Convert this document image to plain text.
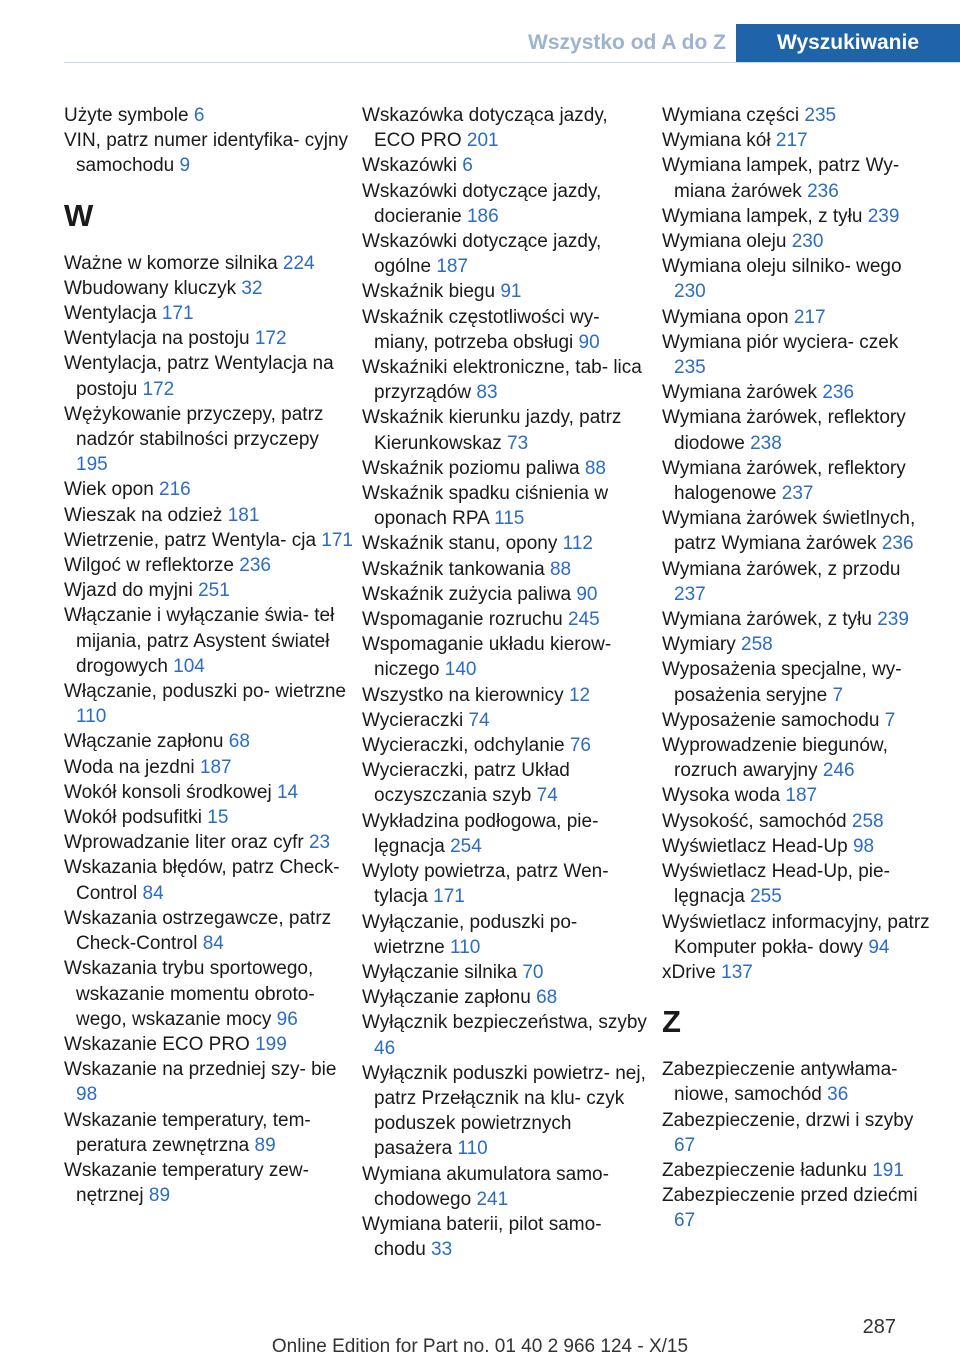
Wszystko od A do Z	Wyszukiwanie
Użyte symbole 6
VIN, patrz numer identyfika‐ cyjny samochodu 9
W
Ważne w komorze silnika 224
Wbudowany kluczyk 32
Wentylacja 171
Wentylacja na postoju 172
Wentylacja, patrz Wentylacja na postoju 172
Wężykowanie przyczepy, patrz nadzór stabilności przyczepy 195
Wiek opon 216
Wieszak na odzież 181
Wietrzenie, patrz Wentyla‐ cja 171
Wilgoć w reflektorze 236
Wjazd do myjni 251
Włączanie i wyłączanie świa‐ teł mijania, patrz Asystent świateł drogowych 104
Włączanie, poduszki po‐ wietrzne 110
Włączanie zapłonu 68
Woda na jezdni 187
Wokół konsoli środkowej 14
Wokół podsufitki 15
Wprowadzanie liter oraz cyfr 23
Wskazania błędów, patrz Check-Control 84
Wskazania ostrzegawcze, patrz Check-Control 84
Wskazania trybu sportowego, wskazanie momentu obroto‐ wego, wskazanie mocy 96
Wskazanie ECO PRO 199
Wskazanie na przedniej szy‐ bie 98
Wskazanie temperatury, tem‐ peratura zewnętrzna 89
Wskazanie temperatury zew‐ nętrznej 89
Wskazówka dotycząca jazdy, ECO PRO 201
Wskazówki 6
Wskazówki dotyczące jazdy, docieranie 186
Wskazówki dotyczące jazdy, ogólne 187
Wskaźnik biegu 91
Wskaźnik częstotliwości wy‐ miany, potrzeba obsługi 90
Wskaźniki elektroniczne, tab‐ lica przyrządów 83
Wskaźnik kierunku jazdy, patrz Kierunkowskaz 73
Wskaźnik poziomu paliwa 88
Wskaźnik spadku ciśnienia w oponach RPA 115
Wskaźnik stanu, opony 112
Wskaźnik tankowania 88
Wskaźnik zużycia paliwa 90
Wspomaganie rozruchu 245
Wspomaganie układu kierow‐ niczego 140
Wszystko na kierownicy 12
Wycieraczki 74
Wycieraczki, odchylanie 76
Wycieraczki, patrz Układ oczyszczania szyb 74
Wykładzina podłogowa, pie‐ lęgnacja 254
Wyloty powietrza, patrz Wen‐ tylacja 171
Wyłączanie, poduszki po‐ wietrzne 110
Wyłączanie silnika 70
Wyłączanie zapłonu 68
Wyłącznik bezpieczeństwa, szyby 46
Wyłącznik poduszki powietrz‐ nej, patrz Przełącznik na klu‐ czyk poduszek powietrznych pasażera 110
Wymiana akumulatora samo‐ chodowego 241
Wymiana baterii, pilot samo‐ chodu 33
Wymiana części 235
Wymiana kół 217
Wymiana lampek, patrz Wy‐ miana żarówek 236
Wymiana lampek, z tyłu 239
Wymiana oleju 230
Wymiana oleju silniko‐ wego 230
Wymiana opon 217
Wymiana piór wyciera‐ czek 235
Wymiana żarówek 236
Wymiana żarówek, reflektory diodowe 238
Wymiana żarówek, reflektory halogenowe 237
Wymiana żarówek świetlnych, patrz Wymiana żarówek 236
Wymiana żarówek, z przodu 237
Wymiana żarówek, z tyłu 239
Wymiary 258
Wyposażenia specjalne, wy‐ posażenia seryjne 7
Wyposażenie samochodu 7
Wyprowadzenie biegunów, rozruch awaryjny 246
Wysoka woda 187
Wysokość, samochód 258
Wyświetlacz Head-Up 98
Wyświetlacz Head-Up, pie‐ lęgnacja 255
Wyświetlacz informacyjny, patrz Komputer pokła‐ dowy 94
xDrive 137
Z
Zabezpieczenie antywłama‐ niowe, samochód 36
Zabezpieczenie, drzwi i szyby 67
Zabezpieczenie ładunku 191
Zabezpieczenie przed dziećmi 67
287
Online Edition for Part no. 01 40 2 966 124 - X/15
